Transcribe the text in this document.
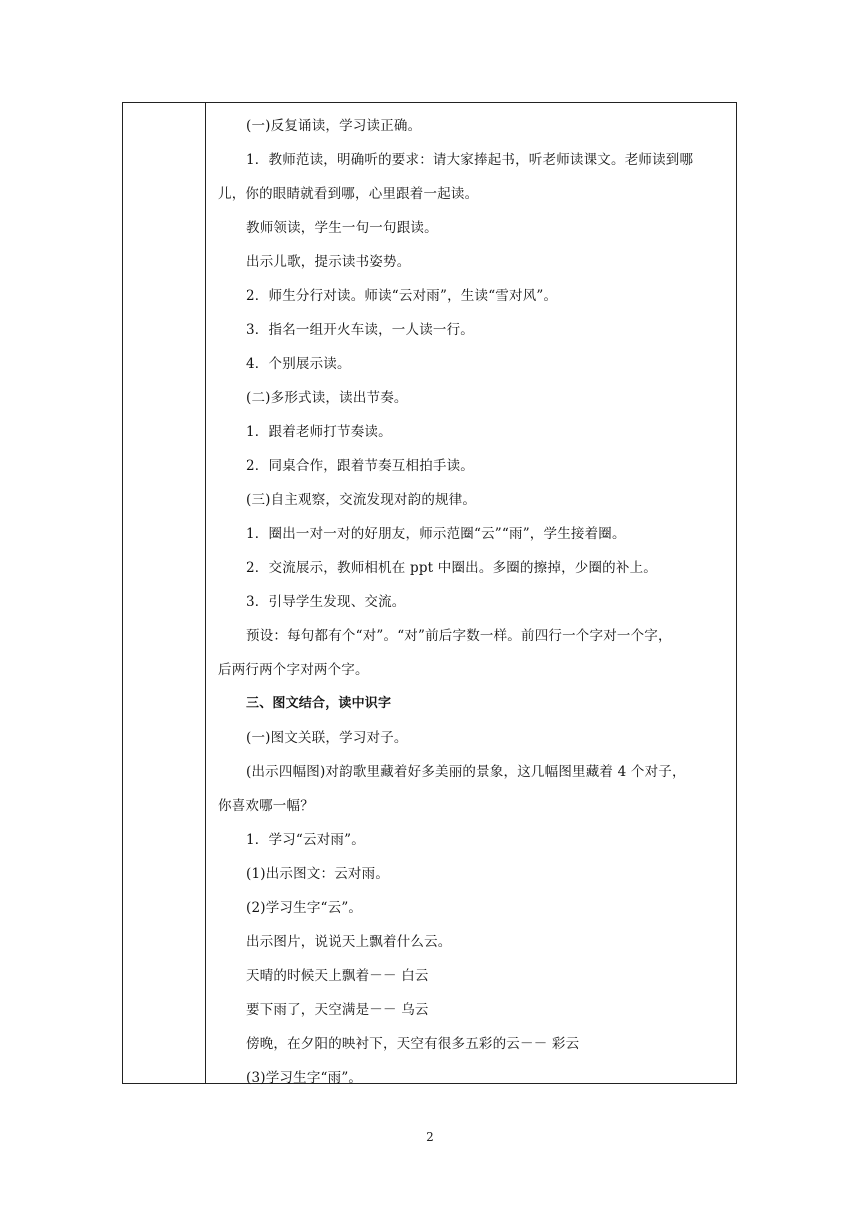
(一)反复诵读，学习读正确。
1．教师范读，明确听的要求：请大家捧起书，听老师读课文。老师读到哪
儿，你的眼睛就看到哪，心里跟着一起读。
教师领读，学生一句一句跟读。
出示儿歌，提示读书姿势。
2．师生分行对读。师读“云对雨”，生读“雪对风”。
3．指名一组开火车读，一人读一行。
4．个别展示读。
(二)多形式读，读出节奏。
1．跟着老师打节奏读。
2．同桌合作，跟着节奏互相拍手读。
(三)自主观察，交流发现对韵的规律。
1．圈出一对一对的好朋友，师示范圈“云”“雨”，学生接着圈。
2．交流展示，教师相机在 ppt 中圈出。多圈的擦掉，少圈的补上。
3．引导学生发现、交流。
预设：每句都有个“对”。“对”前后字数一样。前四行一个字对一个字，
后两行两个字对两个字。
三、图文结合，读中识字
(一)图文关联，学习对子。
(出示四幅图)对韵歌里藏着好多美丽的景象，这几幅图里藏着 4 个对子，
你喜欢哪一幅？
1．学习“云对雨”。
(1)出示图文：云对雨。
(2)学习生字“云”。
出示图片，说说天上飘着什么云。
天晴的时候天上飘着－－ 白云
要下雨了，天空满是－－ 乌云
傍晚，在夕阳的映衬下，天空有很多五彩的云－－ 彩云
(3)学习生字“雨”。
2
